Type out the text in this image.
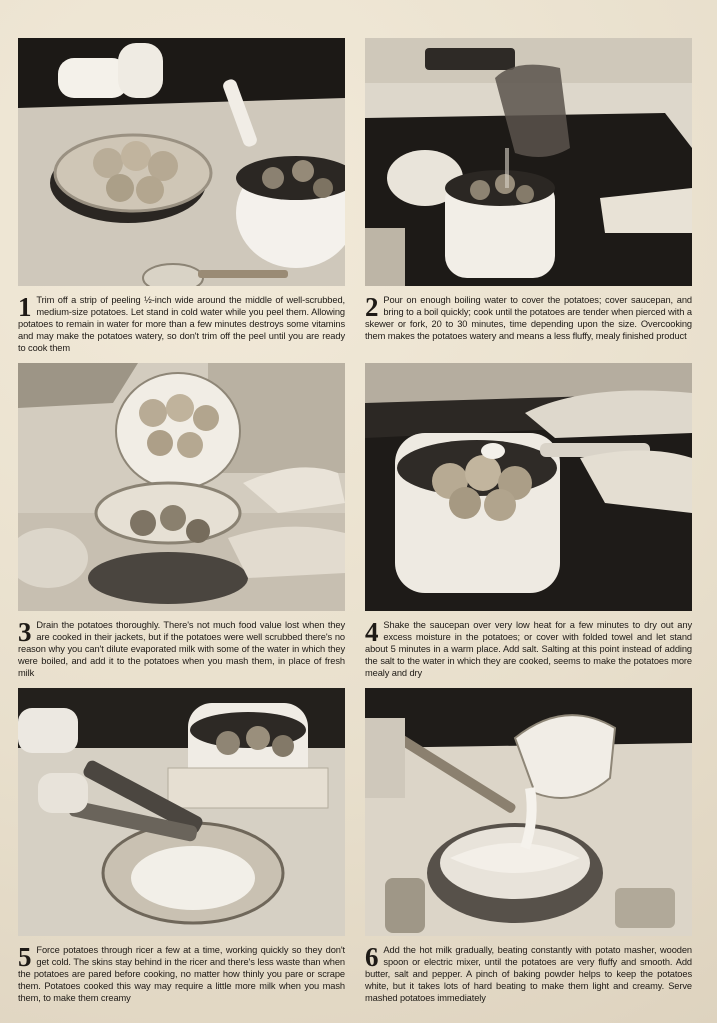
1 Trim off a strip of peeling ½-inch wide around the middle of well-scrubbed, medium-size potatoes. Let stand in cold water while you peel them. Allowing potatoes to remain in water for more than a few minutes destroys some vitamins and may make the potatoes watery, so don't trim off the peel until you are ready to cook them
2 Pour on enough boiling water to cover the potatoes; cover saucepan, and bring to a boil quickly; cook until the potatoes are tender when pierced with a skewer or fork, 20 to 30 minutes, time depending upon the size. Overcooking them makes the potatoes watery and means a less fluffy, mealy finished product
3 Drain the potatoes thoroughly. There's not much food value lost when they are cooked in their jackets, but if the potatoes were well scrubbed there's no reason why you can't dilute evaporated milk with some of the water in which they were boiled, and add it to the potatoes when you mash them, in place of fresh milk
4 Shake the saucepan over very low heat for a few minutes to dry out any excess moisture in the potatoes; or cover with folded towel and let stand about 5 minutes in a warm place. Add salt. Salting at this point instead of adding the salt to the water in which they are cooked, seems to make the potatoes more mealy and dry
5 Force potatoes through ricer a few at a time, working quickly so they don't get cold. The skins stay behind in the ricer and there's less waste than when the potatoes are pared before cooking, no matter how thinly you pare or scrape them. Potatoes cooked this way may require a little more milk when you mash them, to make them creamy
6 Add the hot milk gradually, beating constantly with potato masher, wooden spoon or electric mixer, until the potatoes are very fluffy and smooth. Add butter, salt and pepper. A pinch of baking powder helps to keep the potatoes white, but it takes lots of hard beating to make them light and creamy. Serve mashed potatoes immediately
